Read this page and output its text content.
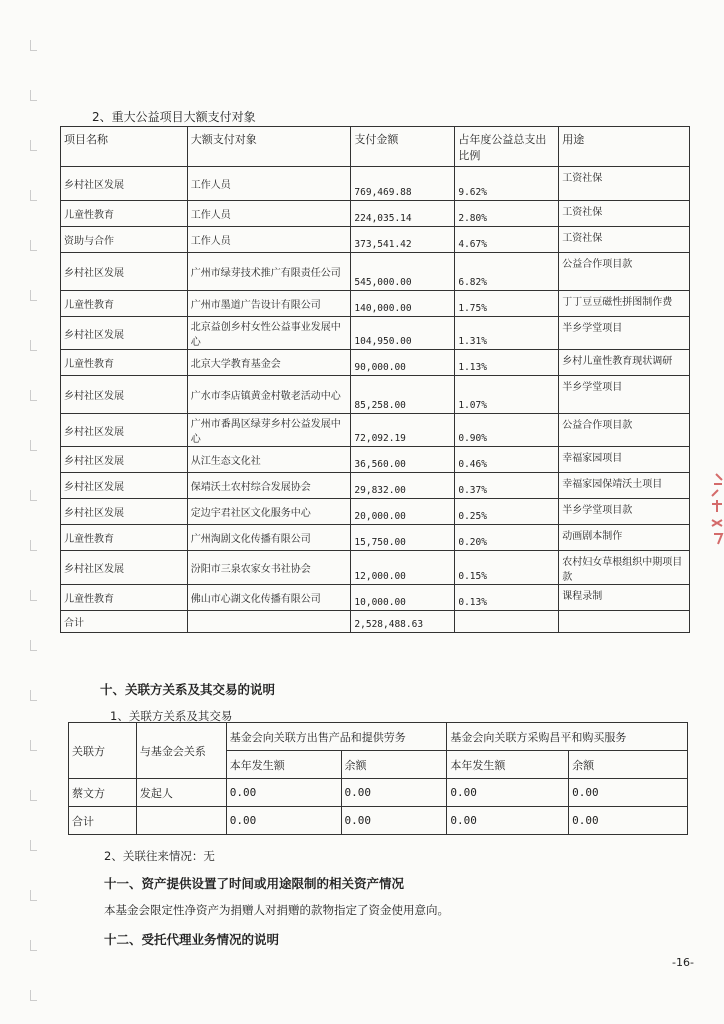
2、重大公益项目大额支付对象
项目名称	大额支付对象	支付金额	占年度公益总支出比例	用途
乡村社区发展	工作人员	769,469.88	9.62%	工资社保
儿童性教育	工作人员	224,035.14	2.80%	工资社保
资助与合作	工作人员	373,541.42	4.67%	工资社保
乡村社区发展	广州市绿芽技术推广有限责任公司	545,000.00	6.82%	公益合作项目款
儿童性教育	广州市墨道广告设计有限公司	140,000.00	1.75%	丁丁豆豆磁性拼图制作费
乡村社区发展	北京益创乡村女性公益事业发展中心	104,950.00	1.31%	半乡学堂项目
儿童性教育	北京大学教育基金会	90,000.00	1.13%	乡村儿童性教育现状调研
乡村社区发展	广水市李店镇黄金村敬老活动中心	85,258.00	1.07%	半乡学堂项目
乡村社区发展	广州市番禺区绿芽乡村公益发展中心	72,092.19	0.90%	公益合作项目款
乡村社区发展	从江生态文化社	36,560.00	0.46%	幸福家园项目
乡村社区发展	保靖沃土农村综合发展协会	29,832.00	0.37%	幸福家园保靖沃土项目
乡村社区发展	定边宇君社区文化服务中心	20,000.00	0.25%	半乡学堂项目款
儿童性教育	广州淘剧文化传播有限公司	15,750.00	0.20%	动画剧本制作
乡村社区发展	汾阳市三泉农家女书社协会	12,000.00	0.15%	农村妇女草根组织中期项目款
儿童性教育	佛山市心湖文化传播有限公司	10,000.00	0.13%	课程录制
合计		2,528,488.63		
十、关联方关系及其交易的说明
1、关联方关系及其交易
关联方	与基金会关系	基金会向关联方出售产品和提供劳务		基金会向关联方采购昌平和购买服务	
		本年发生额	余额	本年发生额	余额
蔡文方	发起人	0.00	0.00	0.00	0.00
合计		0.00	0.00	0.00	0.00
2、关联往来情况：无
十一、资产提供设置了时间或用途限制的相关资产情况
本基金会限定性净资产为捐赠人对捐赠的款物指定了资金使用意向。
十二、受托代理业务情况的说明
-16-
